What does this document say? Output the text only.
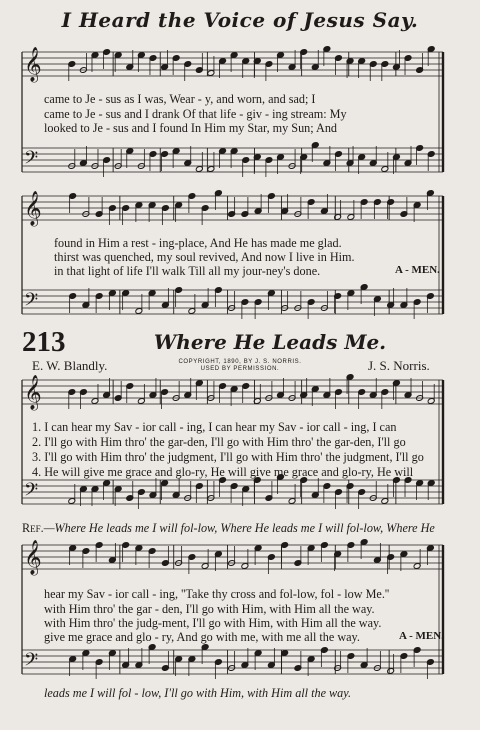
I Heard the Voice of Jesus Say.
213	Where He Leads Me.
E. W. Blandly.	J. S. Norris.
COPYRIGHT, 1890, BY J. S. NORRIS.
USED BY PERMISSION.
𝄞
𝄢
𝄞
𝄢
𝄞
𝄢
𝄞
𝄢
came to Je - sus as I was, Wear - y, and worn, and sad; I
came to Je - sus and I drank Of that life - giv - ing stream: My
looked to Je - sus and I found In Him my Star, my Sun; And
found in Him a rest - ing-place, And He has made me glad.
thirst was quenched, my soul revived, And now I live in Him.
in that light of life I'll walk Till all my jour-ney's done.	A - MEN.
1. I can hear my Sav - ior call - ing, I can hear my Sav - ior call - ing, I can
2. I'll go with Him thro' the gar-den, I'll go with Him thro' the gar-den, I'll go
3. I'll go with Him thro' the judgment, I'll go with Him thro' the judgment, I'll go
4. He will give me grace and glo-ry, He will give me grace and glo-ry, He will
Ref.—Where He leads me I will fol-low, Where He leads me I will fol-low, Where He
hear my Sav - ior call - ing, ''Take thy cross and fol-low, fol - low Me.''
with Him thro' the gar - den, I'll go with Him, with Him all the way.
with Him thro' the judg-ment, I'll go with Him, with Him all the way.
give me grace and glo - ry, And go with me, with me all the way.	A - MEN.
leads me I will fol - low, I'll go with Him, with Him all the way.
